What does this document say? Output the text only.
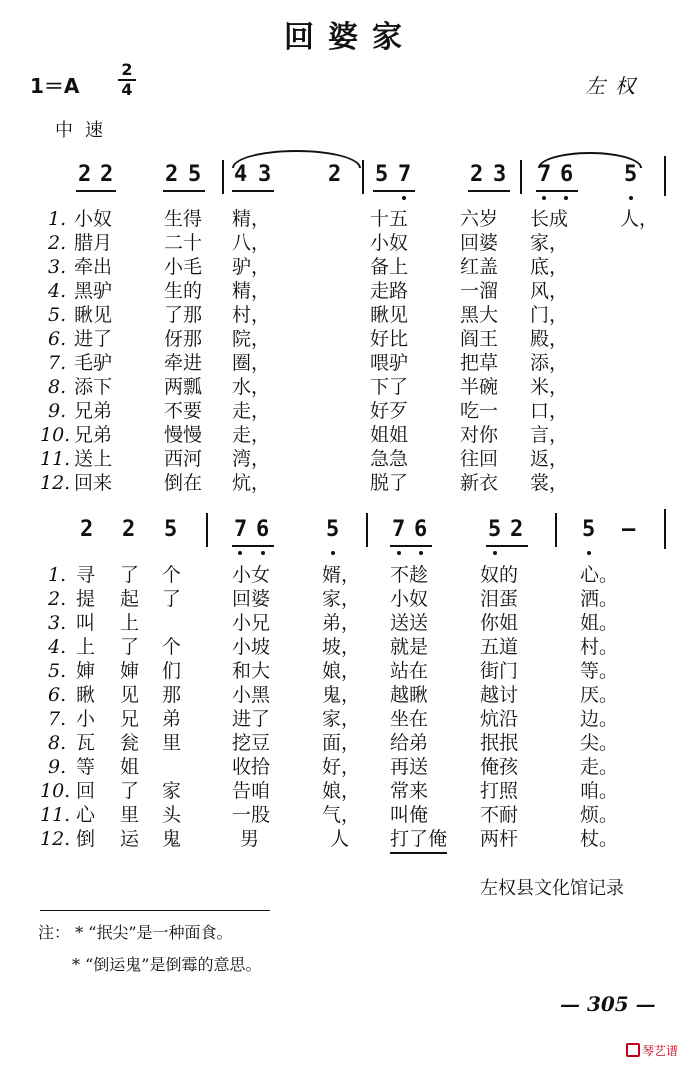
回婆家
1＝A
2
4	左权
中速
2 2 2 5 4 3	2 5 7	2 3 7 6 5
1. 小奴	生得 精，	十五	六岁 长成	人，
2. 腊月	二十 八，	小奴	回婆 家，
3. 牵出	小毛 驴，	备上	红盖 底，
4. 黑驴	生的 精，	走路	一溜 风，
5. 瞅见	了那 村，	瞅见	黑大 门，
6. 进了	伢那 院，	好比	阎王 殿，
7. 毛驴	牵进 圈，	喂驴	把草 添，
8. 添下	两瓢 水，	下了	半碗 米，
9. 兄弟	不要 走，	好歹	吃一 口，
10. 兄弟	慢慢 走，	姐姐	对你 言，
11. 送上	西河 湾，	急急	往回 返，
12. 回来	倒在 炕，	脱了	新衣 裳，
2 2 5	7 6	5 7 6	5 2	5 —
1. 寻 了 个	小女	婿， 不趁	奴的	心。
2. 提 起 了	回婆	家， 小奴	泪蛋	洒。
3. 叫 上	小兄	弟， 送送	你姐	姐。
4. 上 了 个	小坡	坡， 就是	五道	村。
5. 婶 婶 们	和大	娘， 站在	街门	等。
6. 瞅 见 那	小黑	鬼， 越瞅	越讨	厌。
7. 小 兄 弟	进了	家， 坐在	炕沿	边。
8. 瓦 瓮 里	挖豆	面， 给弟	抿抿	尖。
9. 等 姐	收拾	好， 再送	俺孩	走。
10. 回 了 家	告咱	娘， 常来	打照	咱。
11. 心 里 头	一股	气， 叫俺	不耐	烦。
12. 倒 运 鬼	男	人 打了俺 两杆	杖。
左权县文化馆记录
注： * “抿尖”是一种面食。
* “倒运鬼”是倒霉的意思。
— 305 —
琴艺谱
